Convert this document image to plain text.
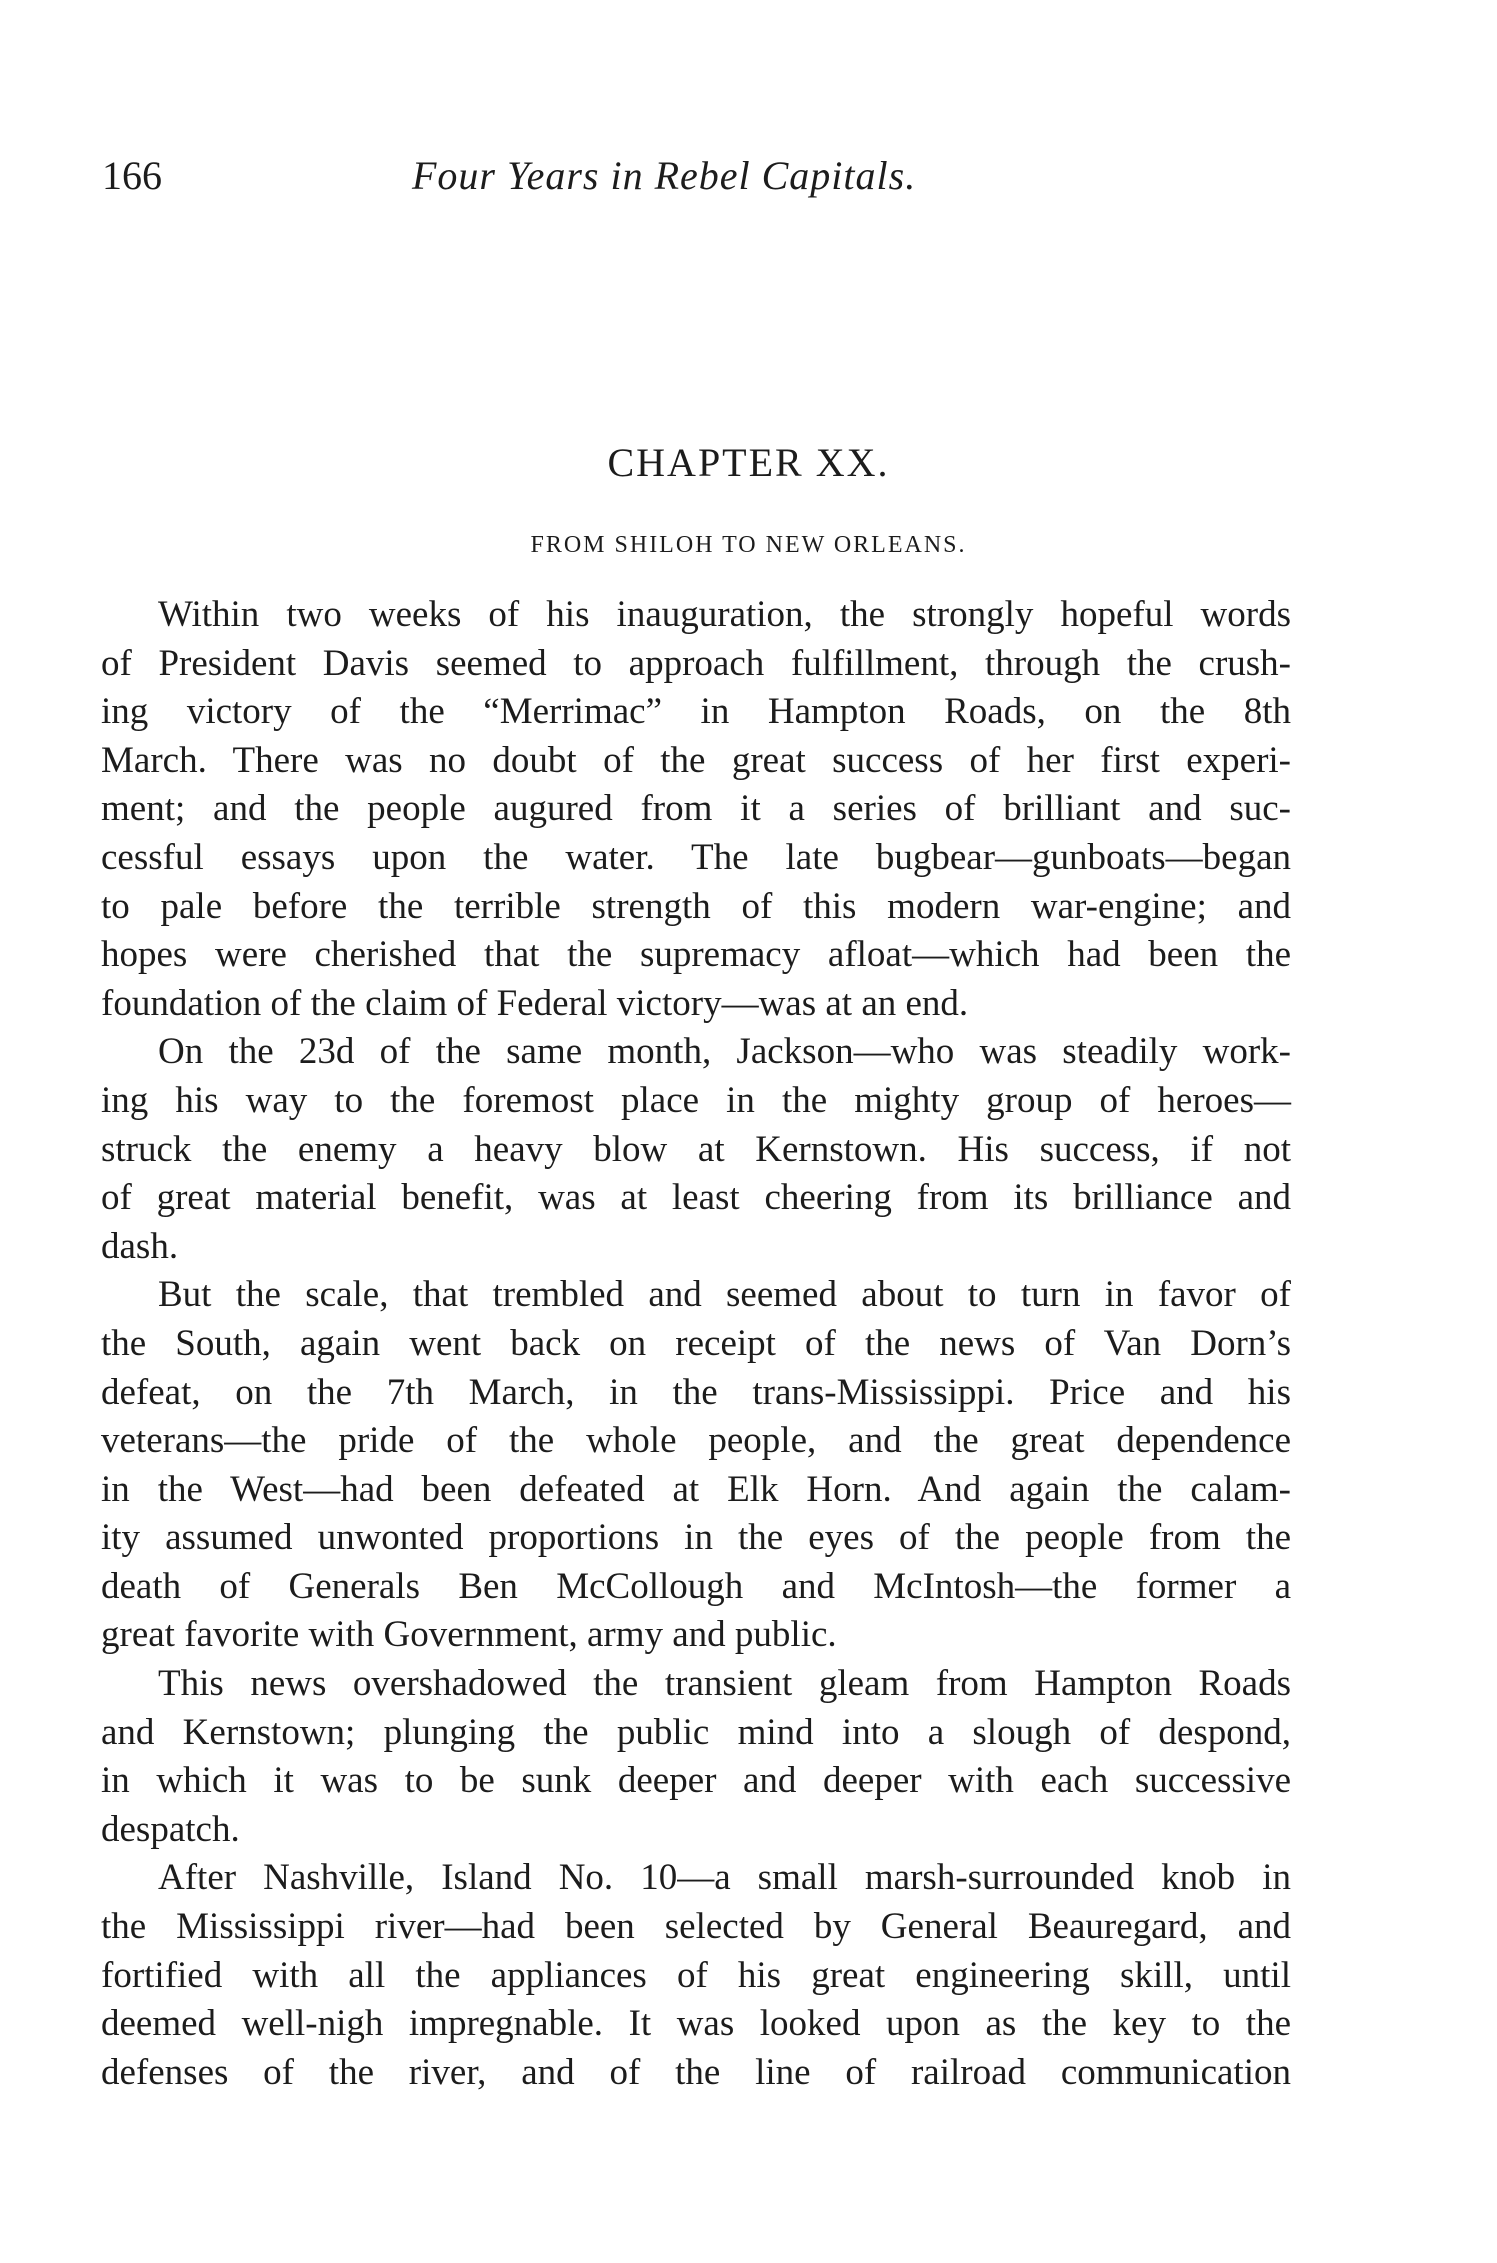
166	Four Years in Rebel Capitals.
CHAPTER XX.
FROM SHILOH TO NEW ORLEANS.
Within two weeks of his inauguration, the strongly hopeful words
of President Davis seemed to approach fulfillment, through the crush-
ing victory of the “Merrimac” in Hampton Roads, on the 8th
March. There was no doubt of the great success of her first experi-
ment; and the people augured from it a series of brilliant and suc-
cessful essays upon the water. The late bugbear—gunboats—began
to pale before the terrible strength of this modern war-engine; and
hopes were cherished that the supremacy afloat—which had been the
foundation of the claim of Federal victory—was at an end.
On the 23d of the same month, Jackson—who was steadily work-
ing his way to the foremost place in the mighty group of heroes—
struck the enemy a heavy blow at Kernstown. His success, if not
of great material benefit, was at least cheering from its brilliance and
dash.
But the scale, that trembled and seemed about to turn in favor of
the South, again went back on receipt of the news of Van Dorn’s
defeat, on the 7th March, in the trans-Mississippi. Price and his
veterans—the pride of the whole people, and the great dependence
in the West—had been defeated at Elk Horn. And again the calam-
ity assumed unwonted proportions in the eyes of the people from the
death of Generals Ben McCollough and McIntosh—the former a
great favorite with Government, army and public.
This news overshadowed the transient gleam from Hampton Roads
and Kernstown; plunging the public mind into a slough of despond,
in which it was to be sunk deeper and deeper with each successive
despatch.
After Nashville, Island No. 10—a small marsh-surrounded knob in
the Mississippi river—had been selected by General Beauregard, and
fortified with all the appliances of his great engineering skill, until
deemed well-nigh impregnable. It was looked upon as the key to the
defenses of the river, and of the line of railroad communication
